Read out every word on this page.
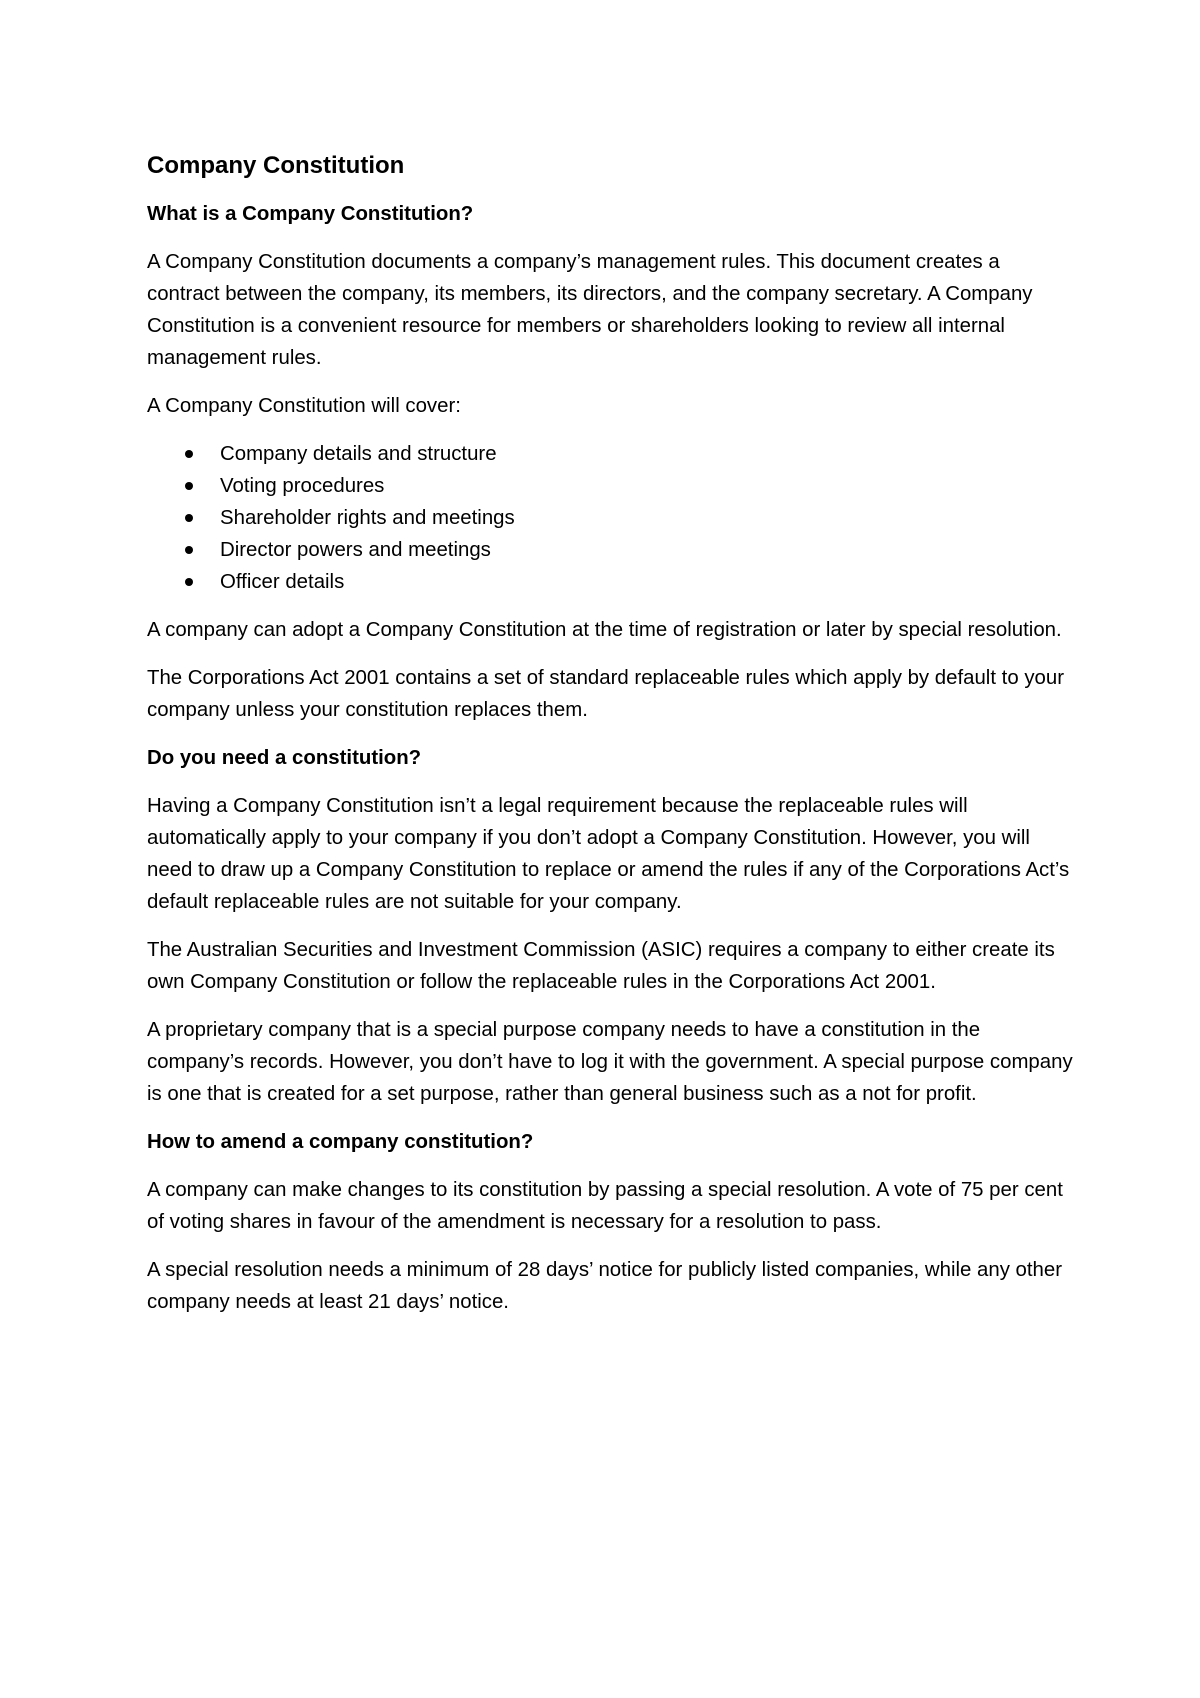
Company Constitution
What is a Company Constitution?

A Company Constitution documents a company’s management rules. This document creates a contract between the company, its members, its directors, and the company secretary. A Company Constitution is a convenient resource for members or shareholders looking to review all internal management rules.

A Company Constitution will cover:

Company details and structure
Voting procedures
Shareholder rights and meetings
Director powers and meetings
Officer details

A company can adopt a Company Constitution at the time of registration or later by special resolution.

The Corporations Act 2001 contains a set of standard replaceable rules which apply by default to your company unless your constitution replaces them.

Do you need a constitution?

Having a Company Constitution isn’t a legal requirement because the replaceable rules will automatically apply to your company if you don’t adopt a Company Constitution. However, you will need to draw up a Company Constitution to replace or amend the rules if any of the Corporations Act’s default replaceable rules are not suitable for your company.

The Australian Securities and Investment Commission (ASIC) requires a company to either create its own Company Constitution or follow the replaceable rules in the Corporations Act 2001.

A proprietary company that is a special purpose company needs to have a constitution in the company’s records. However, you don’t have to log it with the government. A special purpose company is one that is created for a set purpose, rather than general business such as a not for profit.

How to amend a company constitution?

A company can make changes to its constitution by passing a special resolution. A vote of 75 per cent of voting shares in favour of the amendment is necessary for a resolution to pass.

A special resolution needs a minimum of 28 days’ notice for publicly listed companies, while any other company needs at least 21 days’ notice.
